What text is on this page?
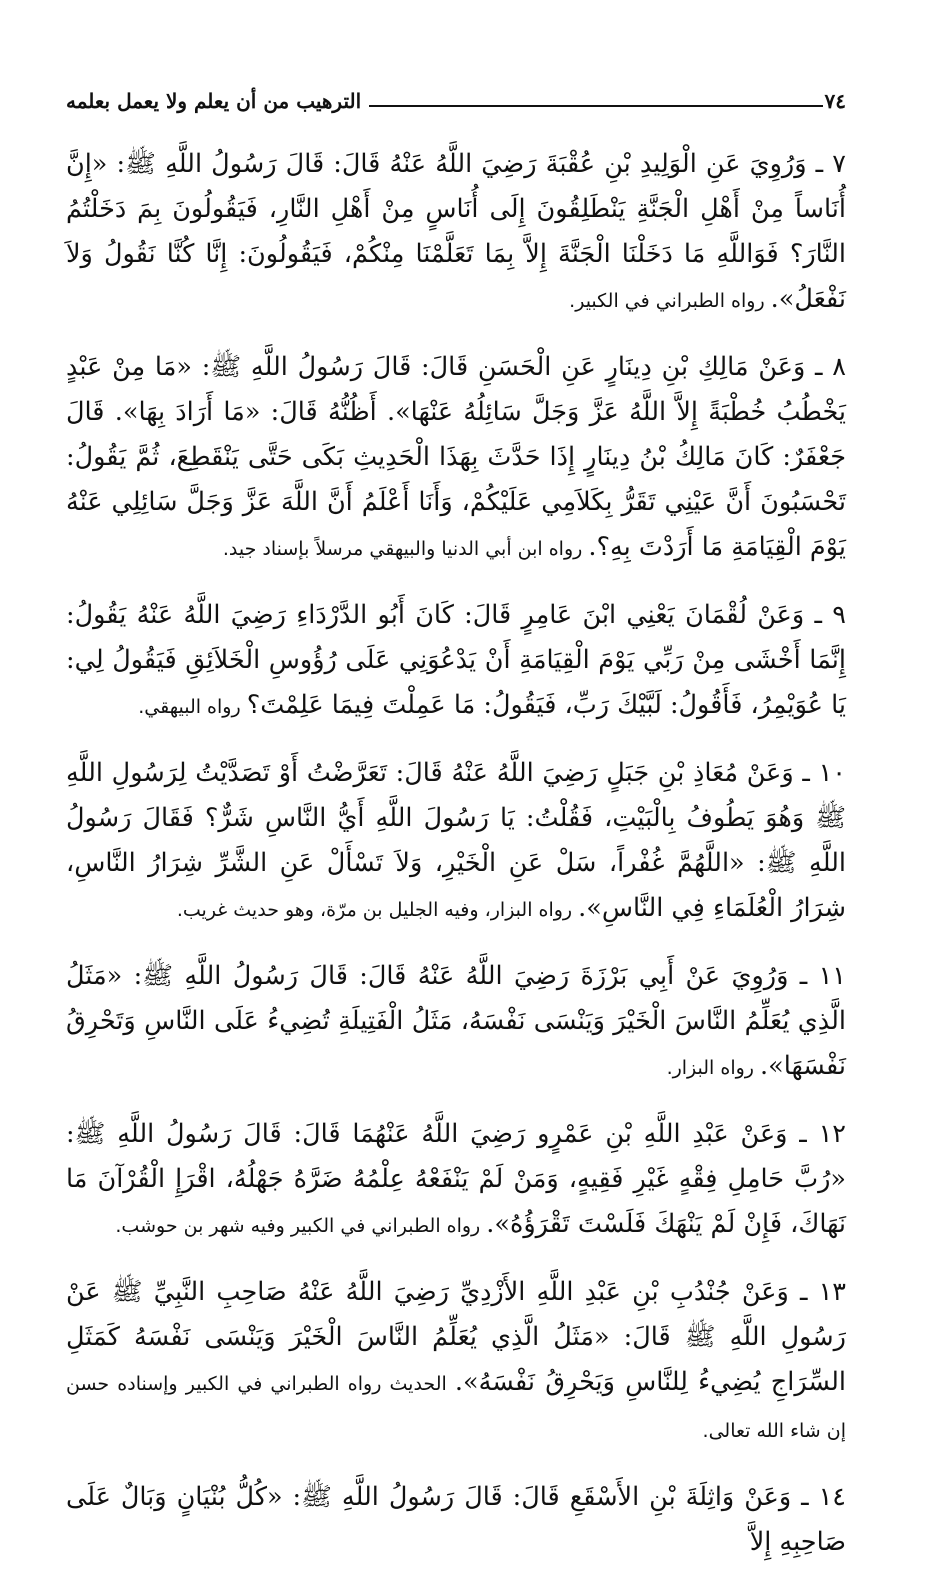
٧٤
الترهيب من أن يعلم ولا يعمل بعلمه

٧ ـ وَرُوِيَ عَنِ الْوَلِيدِ بْنِ عُقْبَةَ رَضِيَ اللَّهُ عَنْهُ قَالَ: قَالَ رَسُولُ اللَّهِ ﷺ: «إِنَّ أُنَاساً مِنْ أَهْلِ الْجَنَّةِ يَنْطَلِقُونَ إِلَى أُنَاسٍ مِنْ أَهْلِ النَّارِ، فَيَقُولُونَ بِمَ دَخَلْتُمُ النَّارَ؟ فَوَاللَّهِ مَا دَخَلْنَا الْجَنَّةَ إِلاَّ بِمَا تَعَلَّمْنَا مِنْكُمْ، فَيَقُولُونَ: إِنَّا كُنَّا نَقُولُ وَلاَ نَفْعَلُ». رواه الطبراني في الكبير.

٨ ـ وَعَنْ مَالِكِ بْنِ دِينَارٍ عَنِ الْحَسَنِ قَالَ: قَالَ رَسُولُ اللَّهِ ﷺ: «مَا مِنْ عَبْدٍ يَخْطُبُ خُطْبَةً إِلاَّ اللَّهُ عَزَّ وَجَلَّ سَائِلُهُ عَنْهَا». أَظُنُّهُ قَالَ: «مَا أَرَادَ بِهَا». قَالَ جَعْفَرٌ: كَانَ مَالِكُ بْنُ دِينَارٍ إِذَا حَدَّثَ بِهَذَا الْحَدِيثِ بَكَى حَتَّى يَنْقَطِعَ، ثُمَّ يَقُولُ: تَحْسَبُونَ أَنَّ عَيْنِي تَقَرُّ بِكَلاَمِي عَلَيْكُمْ، وَأَنَا أَعْلَمُ أَنَّ اللَّهَ عَزَّ وَجَلَّ سَائِلِي عَنْهُ يَوْمَ الْقِيَامَةِ مَا أَرَدْتَ بِهِ؟. رواه ابن أبي الدنيا والبيهقي مرسلاً بإسناد جيد.

٩ ـ وَعَنْ لُقْمَانَ يَعْنِي ابْنَ عَامِرٍ قَالَ: كَانَ أَبُو الدَّرْدَاءِ رَضِيَ اللَّهُ عَنْهُ يَقُولُ: إِنَّمَا أَخْشَى مِنْ رَبِّي يَوْمَ الْقِيَامَةِ أَنْ يَدْعُوَنِي عَلَى رُؤُوسِ الْخَلاَئِقِ فَيَقُولُ لِي: يَا عُوَيْمِرُ، فَأَقُولُ: لَبَّيْكَ رَبِّ، فَيَقُولُ: مَا عَمِلْتَ فِيمَا عَلِمْتَ؟ رواه البيهقي.

١٠ ـ وَعَنْ مُعَاذِ بْنِ جَبَلٍ رَضِيَ اللَّهُ عَنْهُ قَالَ: تَعَرَّضْتُ أَوْ تَصَدَّيْتُ لِرَسُولِ اللَّهِ ﷺ وَهُوَ يَطُوفُ بِالْبَيْتِ، فَقُلْتُ: يَا رَسُولَ اللَّهِ أَيُّ النَّاسِ شَرٌّ؟ فَقَالَ رَسُولُ اللَّهِ ﷺ: «اللَّهُمَّ غُفْراً، سَلْ عَنِ الْخَيْرِ، وَلاَ تَسْأَلْ عَنِ الشَّرِّ شِرَارُ النَّاسِ، شِرَارُ الْعُلَمَاءِ فِي النَّاسِ». رواه البزار، وفيه الجليل بن مرّة، وهو حديث غريب.

١١ ـ وَرُوِيَ عَنْ أَبِي بَرْزَةَ رَضِيَ اللَّهُ عَنْهُ قَالَ: قَالَ رَسُولُ اللَّهِ ﷺ: «مَثَلُ الَّذِي يُعَلِّمُ النَّاسَ الْخَيْرَ وَيَنْسَى نَفْسَهُ، مَثَلُ الْفَتِيلَةِ تُضِيءُ عَلَى النَّاسِ وَتَحْرِقُ نَفْسَهَا». رواه البزار.

١٢ ـ وَعَنْ عَبْدِ اللَّهِ بْنِ عَمْرٍو رَضِيَ اللَّهُ عَنْهُمَا قَالَ: قَالَ رَسُولُ اللَّهِ ﷺ: «رُبَّ حَامِلِ فِقْهٍ غَيْرِ فَقِيهٍ، وَمَنْ لَمْ يَنْفَعْهُ عِلْمُهُ ضَرَّهُ جَهْلُهُ، اقْرَإِ الْقُرْآنَ مَا نَهَاكَ، فَإِنْ لَمْ يَنْهَكَ فَلَسْتَ تَقْرَؤُهُ». رواه الطبراني في الكبير وفيه شهر بن حوشب.

١٣ ـ وَعَنْ جُنْدُبِ بْنِ عَبْدِ اللَّهِ الأَزْدِيِّ رَضِيَ اللَّهُ عَنْهُ صَاحِبِ النَّبِيِّ ﷺ عَنْ رَسُولِ اللَّهِ ﷺ قَالَ: «مَثَلُ الَّذِي يُعَلِّمُ النَّاسَ الْخَيْرَ وَيَنْسَى نَفْسَهُ كَمَثَلِ السِّرَاجِ يُضِيءُ لِلنَّاسِ وَيَحْرِقُ نَفْسَهُ». الحديث رواه الطبراني في الكبير وإسناده حسن إن شاء الله تعالى.

١٤ ـ وَعَنْ وَاثِلَةَ بْنِ الأَسْقَعِ قَالَ: قَالَ رَسُولُ اللَّهِ ﷺ: «كُلُّ بُنْيَانٍ وَبَالٌ عَلَى صَاحِبِهِ إِلاَّ
